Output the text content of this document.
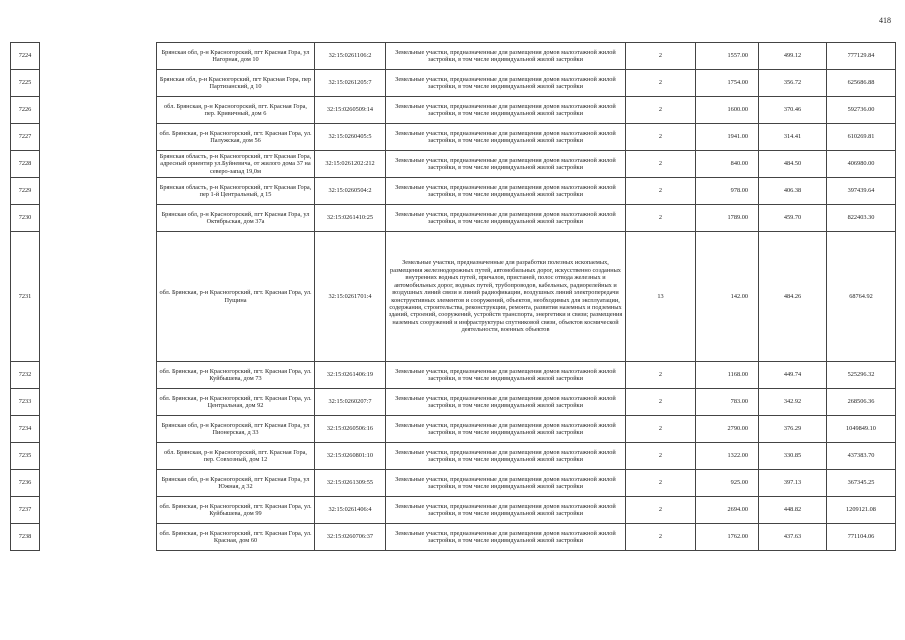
418
7224		Брянская обл, р-н Красногорский, пгт Красная Гора, ул Нагорная, дом 10	32:15:0261106:2	Земельные участки, предназначенные для размещения домов малоэтажной жилой застройки, в том числе индивидуальной жилой застройки	2	1557.00	499.12	777129.84
7225		Брянская обл, р-н Красногорский, пгт Красная Гора, пер Партизанский, д 10	32:15:0261205:7	Земельные участки, предназначенные для размещения домов малоэтажной жилой застройки, в том числе индивидуальной жилой застройки	2	1754.00	356.72	625686.88
7226		обл. Брянская, р-н Красногорский, пгт. Красная Гора, пер. Кривичный, дом 6	32:15:0260509:14	Земельные участки, предназначенные для размещения домов малоэтажной жилой застройки, в том числе индивидуальной жилой застройки	2	1600.00	370.46	592736.00
7227		обл. Брянская, р-н Красногорский, пгт. Красная Гора, ул. Палужская, дом 56	32:15:0260405:5	Земельные участки, предназначенные для размещения домов малоэтажной жилой застройки, в том числе индивидуальной жилой застройки	2	1941.00	314.41	610269.81
7228		Брянская область, р-н Красногорский, пгт Красная Гора, адресный ориентир ул.Буйневича, от жилого дома 37 на северо-запад 19,0м	32:15:0261202:212	Земельные участки, предназначенные для размещения домов малоэтажной жилой застройки, в том числе индивидуальной жилой застройки	2	840.00	484.50	406980.00
7229		Брянская область, р-н Красногорский, пгт Красная Гора, пер 1-й Центральный, д 15	32:15:0260504:2	Земельные участки, предназначенные для размещения домов малоэтажной жилой застройки, в том числе индивидуальной жилой застройки	2	978.00	406.38	397439.64
7230		Брянская обл, р-н Красногорский, пгт Красная Гора, ул Октябрьская, дом 37а	32:15:0261410:25	Земельные участки, предназначенные для размещения домов малоэтажной жилой застройки, в том числе индивидуальной жилой застройки	2	1789.00	459.70	822403.30
7231		обл. Брянская, р-н Красногорский, пгт. Красная Гора, ул. Пущина	32:15:0261701:4	Земельные участки, предназначенные для разработки полезных ископаемых, размещения железнодорожных путей, автомобильных дорог, искусственно созданных внутренних водных путей, причалов, пристаней, полос отвода железных и автомобильных дорог, водных путей, трубопроводов, кабельных, радиорелейных и воздушных линий связи и линий радиофикации, воздушных линий электропередачи конструктивных элементов и сооружений, объектов, необходимых для эксплуатации, содержания, строительства, реконструкции, ремонта, развития наземных и подземных зданий, строений, сооружений, устройств транспорта, энергетики и связи; размещения наземных сооружений и инфраструктуры спутниковой связи, объектов космической деятельности, военных объектов	13	142.00	484.26	68764.92
7232		обл. Брянская, р-н Красногорский, пгт. Красная Гора, ул. Куйбышева, дом 73	32:15:0261406:19	Земельные участки, предназначенные для размещения домов малоэтажной жилой застройки, в том числе индивидуальной жилой застройки	2	1168.00	449.74	525296.32
7233		обл. Брянская, р-н Красногорский, пгт. Красная Гора, ул. Центральная, дом 92	32:15:0260207:7	Земельные участки, предназначенные для размещения домов малоэтажной жилой застройки, в том числе индивидуальной жилой застройки	2	783.00	342.92	268506.36
7234		Брянская обл, р-н Красногорский, пгт Красная Гора, ул Пионерская, д 33	32:15:0260506:16	Земельные участки, предназначенные для размещения домов малоэтажной жилой застройки, в том числе индивидуальной жилой застройки	2	2790.00	376.29	1049849.10
7235		обл. Брянская, р-н Красногорский, пгт. Красная Гора, пер. Совхозный, дом 12	32:15:0260801:10	Земельные участки, предназначенные для размещения домов малоэтажной жилой застройки, в том числе индивидуальной жилой застройки	2	1322.00	330.85	437383.70
7236		Брянская обл, р-н Красногорский, пгт Красная Гора, ул Южная, д 32	32:15:0261309:55	Земельные участки, предназначенные для размещения домов малоэтажной жилой застройки, в том числе индивидуальной жилой застройки	2	925.00	397.13	367345.25
7237		обл. Брянская, р-н Красногорский, пгт. Красная Гора, ул. Куйбышева, дом 99	32:15:0261406:4	Земельные участки, предназначенные для размещения домов малоэтажной жилой застройки, в том числе индивидуальной жилой застройки	2	2694.00	448.82	1209121.08
7238		обл. Брянская, р-н Красногорский, пгт. Красная Гора, ул. Красная, дом 60	32:15:0260706:37	Земельные участки, предназначенные для размещения домов малоэтажной жилой застройки, в том числе индивидуальной жилой застройки	2	1762.00	437.63	771104.06
